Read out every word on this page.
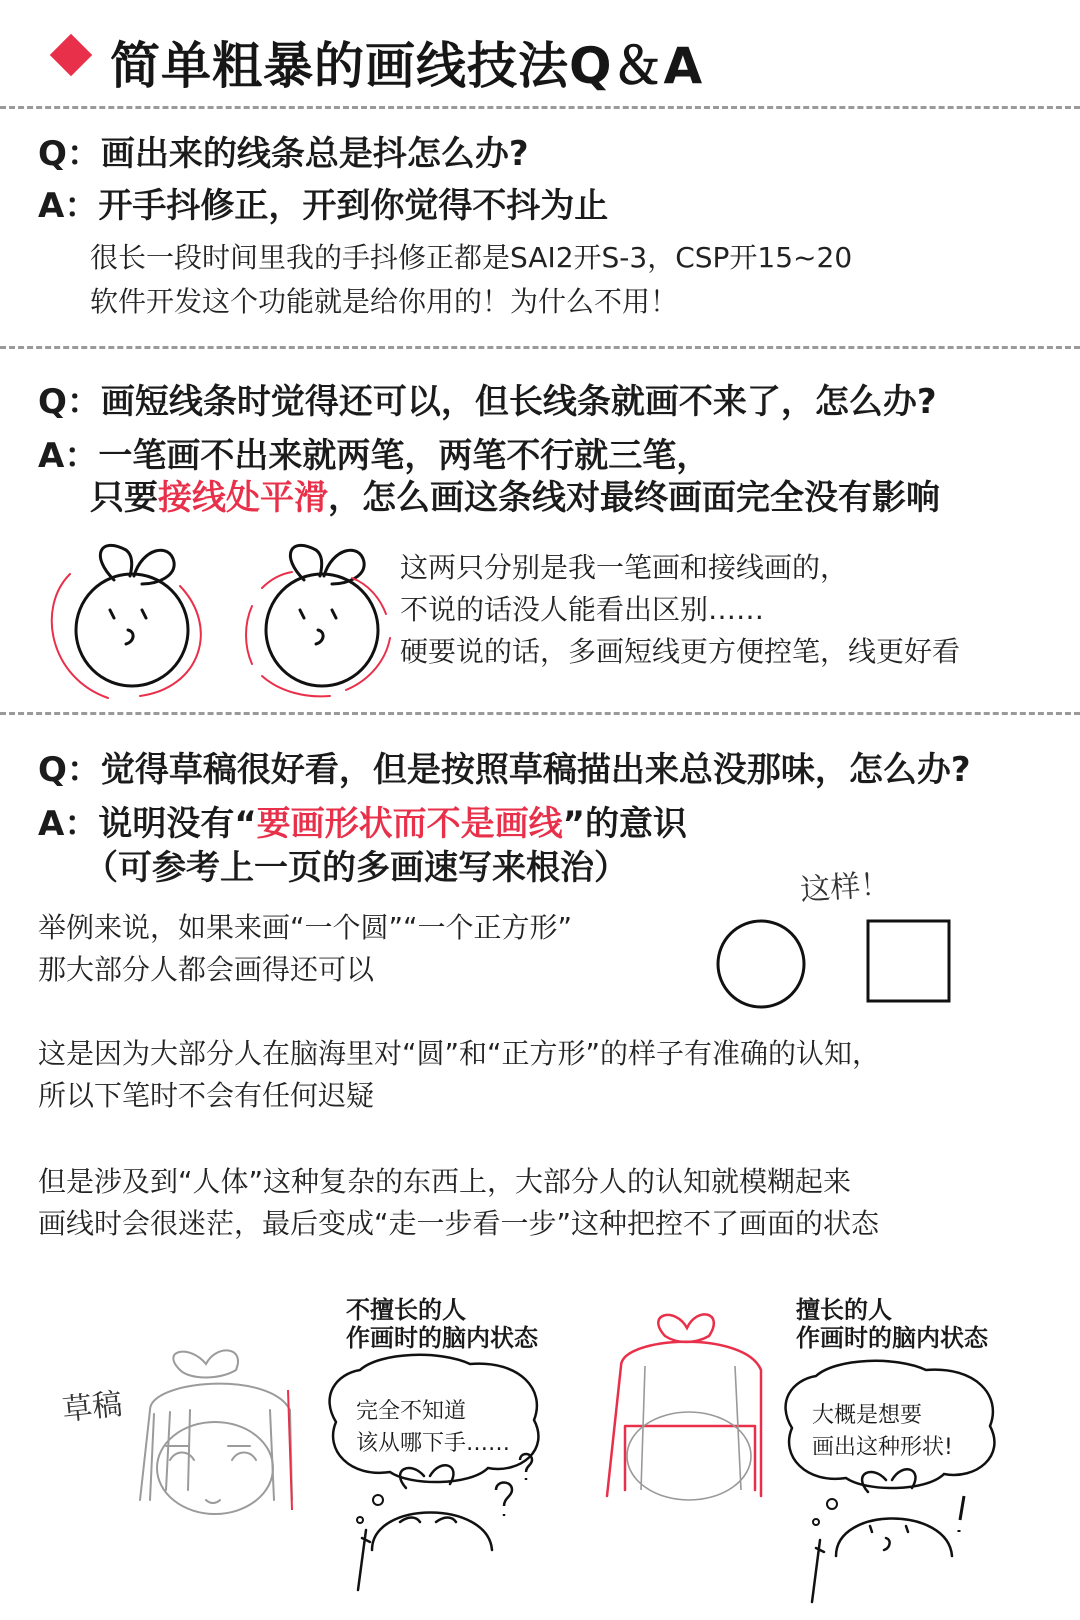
简单粗暴的画线技法Q＆A
Q：画出来的线条总是抖怎么办?
A：开手抖修正，开到你觉得不抖为止
很长一段时间里我的手抖修正都是SAI2开S-3，CSP开15~20
软件开发这个功能就是给你用的！为什么不用！
Q：画短线条时觉得还可以，但长线条就画不来了，怎么办?
A：一笔画不出来就两笔，两笔不行就三笔，
只要接线处平滑，怎么画这条线对最终画面完全没有影响
这两只分别是我一笔画和接线画的，
不说的话没人能看出区别……
硬要说的话，多画短线更方便控笔，线更好看
Q：觉得草稿很好看，但是按照草稿描出来总没那味，怎么办?
A：说明没有“要画形状而不是画线”的意识
（可参考上一页的多画速写来根治）	这样！
举例来说，如果来画“一个圆”“一个正方形”
那大部分人都会画得还可以
这是因为大部分人在脑海里对“圆”和“正方形”的样子有准确的认知，
所以下笔时不会有任何迟疑
但是涉及到“人体”这种复杂的东西上，大部分人的认知就模糊起来
画线时会很迷茫，最后变成“走一步看一步”这种把控不了画面的状态
草稿
不擅长的人
作画时的脑内状态
完全不知道
该从哪下手……
擅长的人
作画时的脑内状态
大概是想要
画出这种形状!
